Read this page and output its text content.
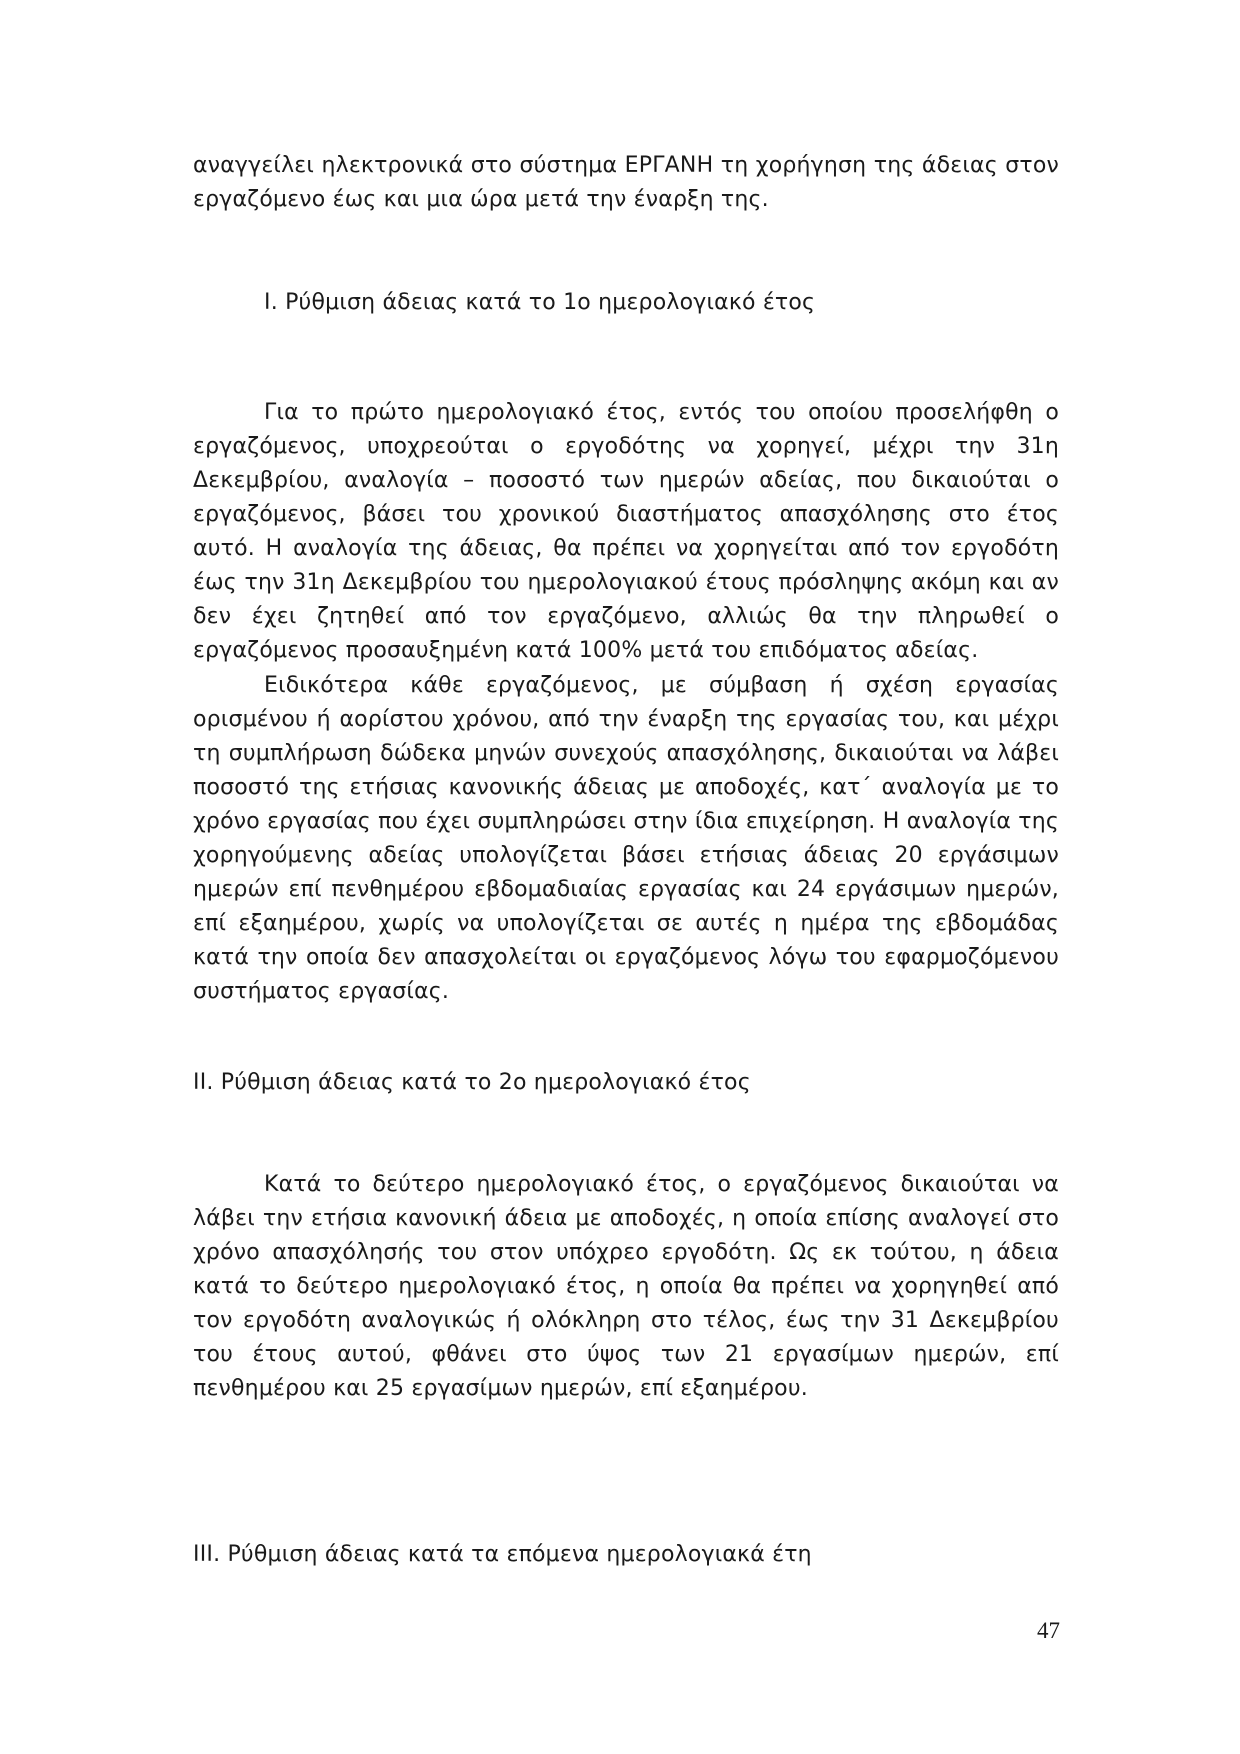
αναγγείλει ηλεκτρονικά στο σύστημα ΕΡΓΑΝΗ τη χορήγηση της άδειας στον εργαζόμενο έως και μια ώρα μετά την έναρξη της.

Ι. Ρύθμιση άδειας κατά το 1ο ημερολογιακό έτος

Για το πρώτο ημερολογιακό έτος, εντός του οποίου προσελήφθη ο εργαζόμενος, υποχρεούται ο εργοδότης να χορηγεί, μέχρι την 31η Δεκεμβρίου, αναλογία – ποσοστό των ημερών αδείας, που δικαιούται ο εργαζόμενος, βάσει του χρονικού διαστήματος απασχόλησης στο έτος αυτό. Η αναλογία της άδειας, θα πρέπει να χορηγείται από τον εργοδότη έως την 31η Δεκεμβρίου του ημερολογιακού έτους πρόσληψης ακόμη και αν δεν έχει ζητηθεί από τον εργαζόμενο, αλλιώς θα την πληρωθεί ο εργαζόμενος προσαυξημένη κατά 100% μετά του επιδόματος αδείας.

Ειδικότερα κάθε εργαζόμενος, με σύμβαση ή σχέση εργασίας ορισμένου ή αορίστου χρόνου, από την έναρξη της εργασίας του, και μέχρι τη συμπλήρωση δώδεκα μηνών συνεχούς απασχόλησης, δικαιούται να λάβει ποσοστό της ετήσιας κανονικής άδειας με αποδοχές, κατ΄ αναλογία με το χρόνο εργασίας που έχει συμπληρώσει στην ίδια επιχείρηση. Η αναλογία της χορηγούμενης αδείας υπολογίζεται βάσει ετήσιας άδειας 20 εργάσιμων ημερών επί πενθημέρου εβδομαδιαίας εργασίας και 24 εργάσιμων ημερών, επί εξαημέρου, χωρίς να υπολογίζεται σε αυτές η ημέρα της εβδομάδας κατά την οποία δεν απασχολείται οι εργαζόμενος λόγω του εφαρμοζόμενου συστήματος εργασίας.

ΙΙ. Ρύθμιση άδειας κατά το 2ο ημερολογιακό έτος

Κατά το δεύτερο ημερολογιακό έτος, ο εργαζόμενος δικαιούται να λάβει την ετήσια κανονική άδεια με αποδοχές, η οποία επίσης αναλογεί στο χρόνο απασχόλησής του στον υπόχρεο εργοδότη. Ως εκ τούτου, η άδεια κατά το δεύτερο ημερολογιακό έτος, η οποία θα πρέπει να χορηγηθεί από τον εργοδότη αναλογικώς ή ολόκληρη στο τέλος, έως την 31 Δεκεμβρίου του έτους αυτού, φθάνει στο ύψος των 21 εργασίμων ημερών, επί πενθημέρου και 25 εργασίμων ημερών, επί εξαημέρου.

ΙΙΙ. Ρύθμιση άδειας κατά τα επόμενα ημερολογιακά έτη

47
